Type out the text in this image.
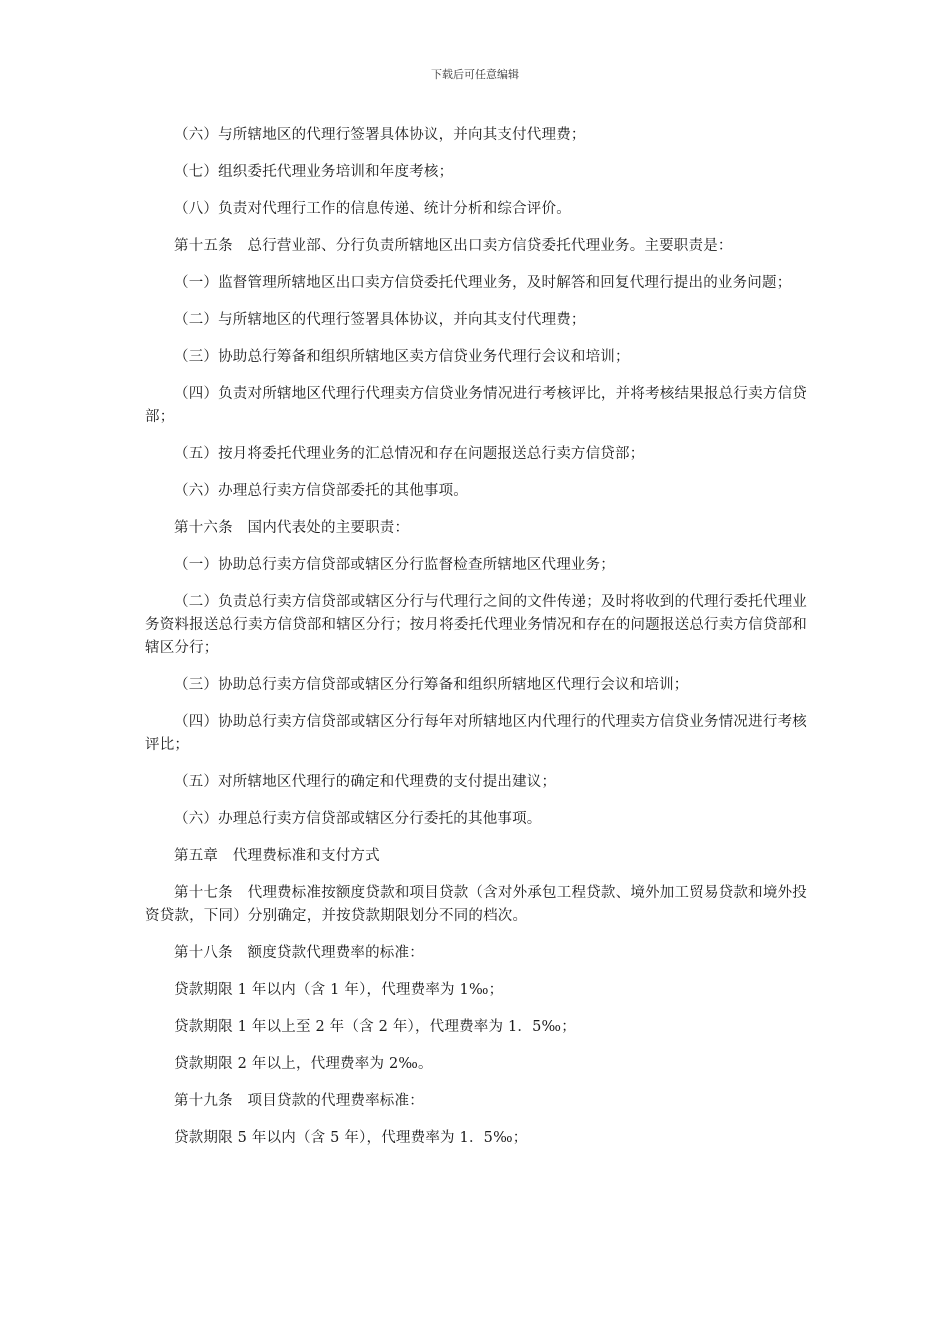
下载后可任意编辑

（六）与所辖地区的代理行签署具体协议，并向其支付代理费；

（七）组织委托代理业务培训和年度考核；

（八）负责对代理行工作的信息传递、统计分析和综合评价。

第十五条　总行营业部、分行负责所辖地区出口卖方信贷委托代理业务。主要职责是：

（一）监督管理所辖地区出口卖方信贷委托代理业务，及时解答和回复代理行提出的业务问题；

（二）与所辖地区的代理行签署具体协议，并向其支付代理费；

（三）协助总行筹备和组织所辖地区卖方信贷业务代理行会议和培训；

（四）负责对所辖地区代理行代理卖方信贷业务情况进行考核评比，并将考核结果报总行卖方信贷部；

（五）按月将委托代理业务的汇总情况和存在问题报送总行卖方信贷部；

（六）办理总行卖方信贷部委托的其他事项。

第十六条　国内代表处的主要职责：

（一）协助总行卖方信贷部或辖区分行监督检查所辖地区代理业务；

（二）负责总行卖方信贷部或辖区分行与代理行之间的文件传递；及时将收到的代理行委托代理业务资料报送总行卖方信贷部和辖区分行；按月将委托代理业务情况和存在的问题报送总行卖方信贷部和辖区分行；

（三）协助总行卖方信贷部或辖区分行筹备和组织所辖地区代理行会议和培训；

（四）协助总行卖方信贷部或辖区分行每年对所辖地区内代理行的代理卖方信贷业务情况进行考核评比；

（五）对所辖地区代理行的确定和代理费的支付提出建议；

（六）办理总行卖方信贷部或辖区分行委托的其他事项。

第五章　代理费标准和支付方式

第十七条　代理费标准按额度贷款和项目贷款（含对外承包工程贷款、境外加工贸易贷款和境外投资贷款，下同）分别确定，并按贷款期限划分不同的档次。

第十八条　额度贷款代理费率的标准：

贷款期限 1 年以内（含 1 年），代理费率为 1‰；

贷款期限 1 年以上至 2 年（含 2 年），代理费率为 1．5‰；

贷款期限 2 年以上，代理费率为 2‰。

第十九条　项目贷款的代理费率标准：

贷款期限 5 年以内（含 5 年），代理费率为 1．5‰；
